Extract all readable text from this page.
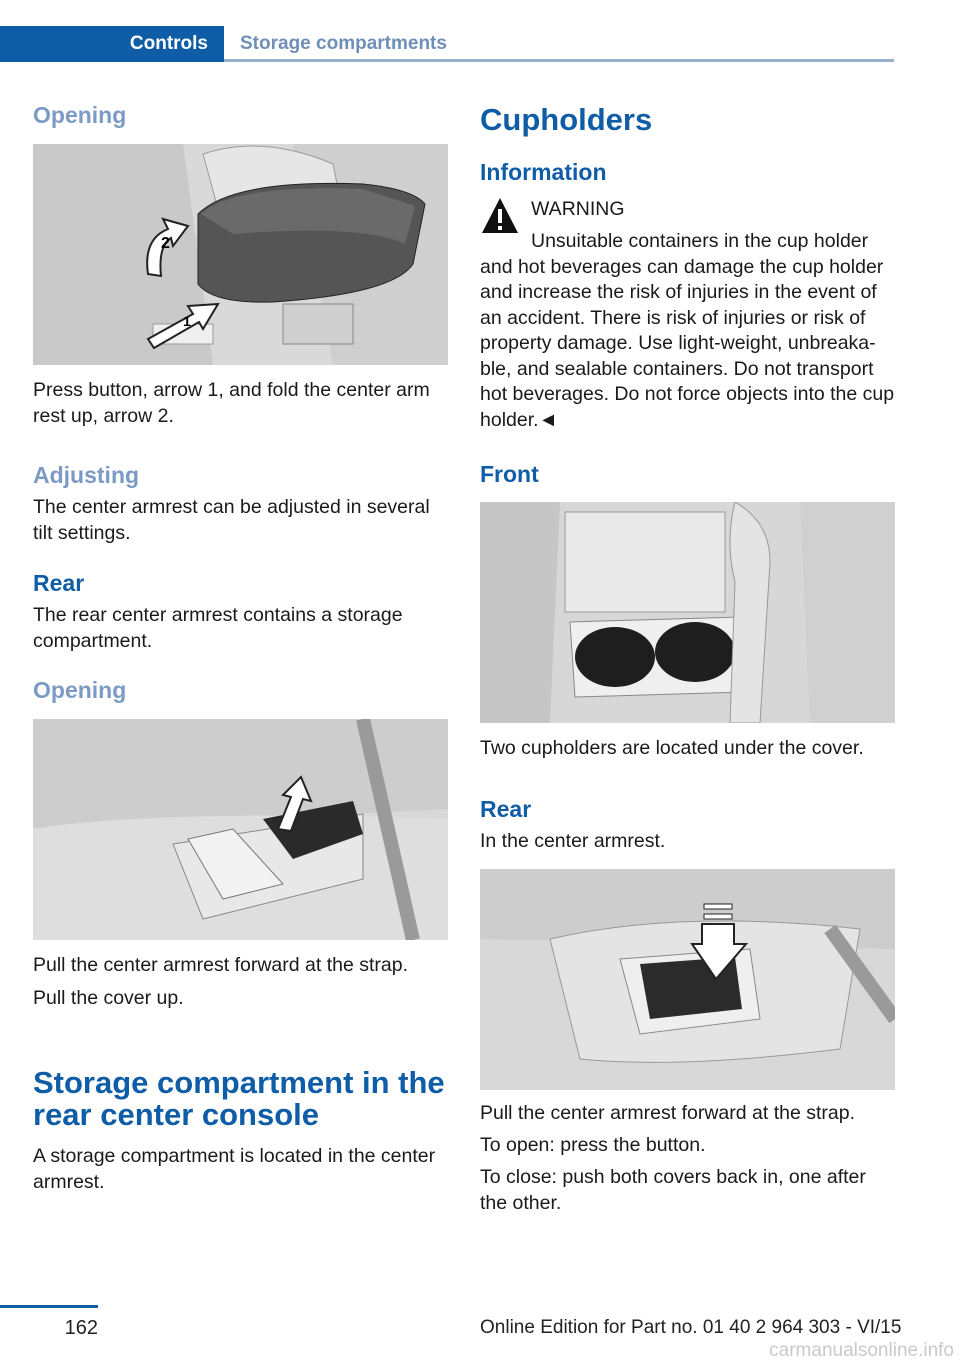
Controls	Storage compartments

Opening

1
2

Press button, arrow 1, and fold the center arm rest up, arrow 2.

Adjusting

The center armrest can be adjusted in several tilt settings.

Rear

The rear center armrest contains a storage compartment.

Opening

Pull the center armrest forward at the strap.

Pull the cover up.

Storage compartment in the rear center console

A storage compartment is located in the center armrest.

Cupholders

Information

WARNING

Unsuitable containers in the cup holder and hot beverages can damage the cup holder and increase the risk of injuries in the event of an accident. There is risk of injuries or risk of property damage. Use light-weight, unbreaka-ble, and sealable containers. Do not transport hot beverages. Do not force objects into the cup holder.◄

Front

Two cupholders are located under the cover.

Rear

In the center armrest.

Pull the center armrest forward at the strap.

To open: press the button.

To close: push both covers back in, one after the other.

162	Online Edition for Part no. 01 40 2 964 303 - VI/15
carmanualsonline.info
